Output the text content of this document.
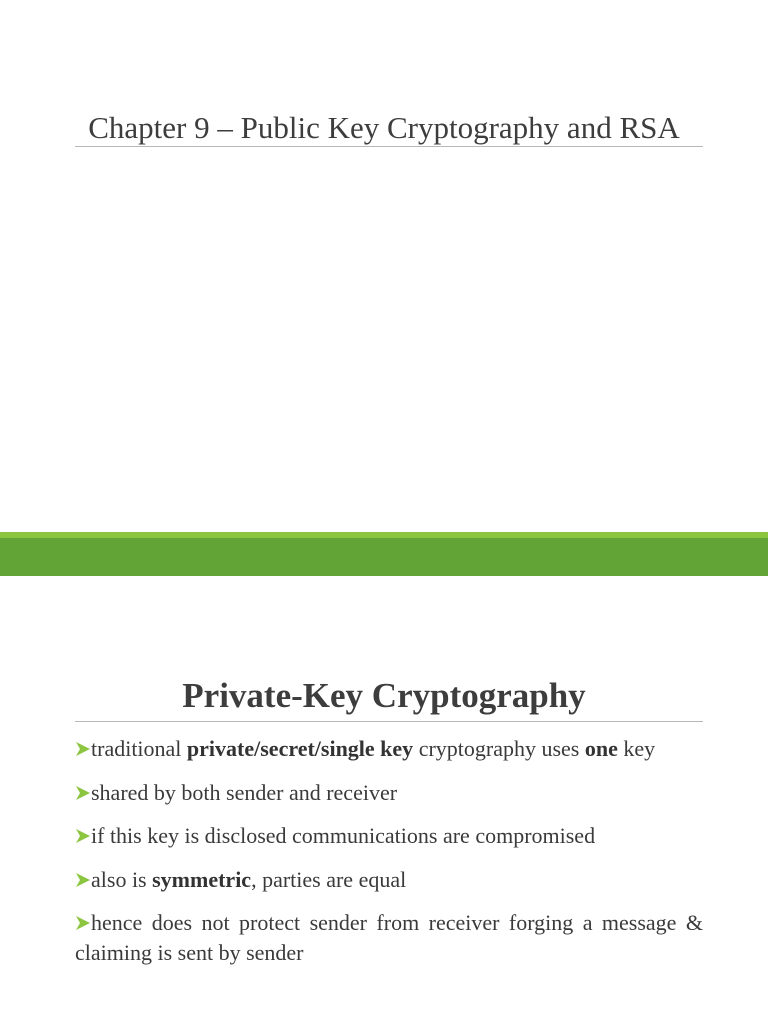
Chapter 9 – Public Key Cryptography and RSA
Private-Key Cryptography
traditional private/secret/single key cryptography uses one key
shared by both sender and receiver
if this key is disclosed communications are compromised
also is symmetric, parties are equal
hence does not protect sender from receiver forging a message & claiming is sent by sender
